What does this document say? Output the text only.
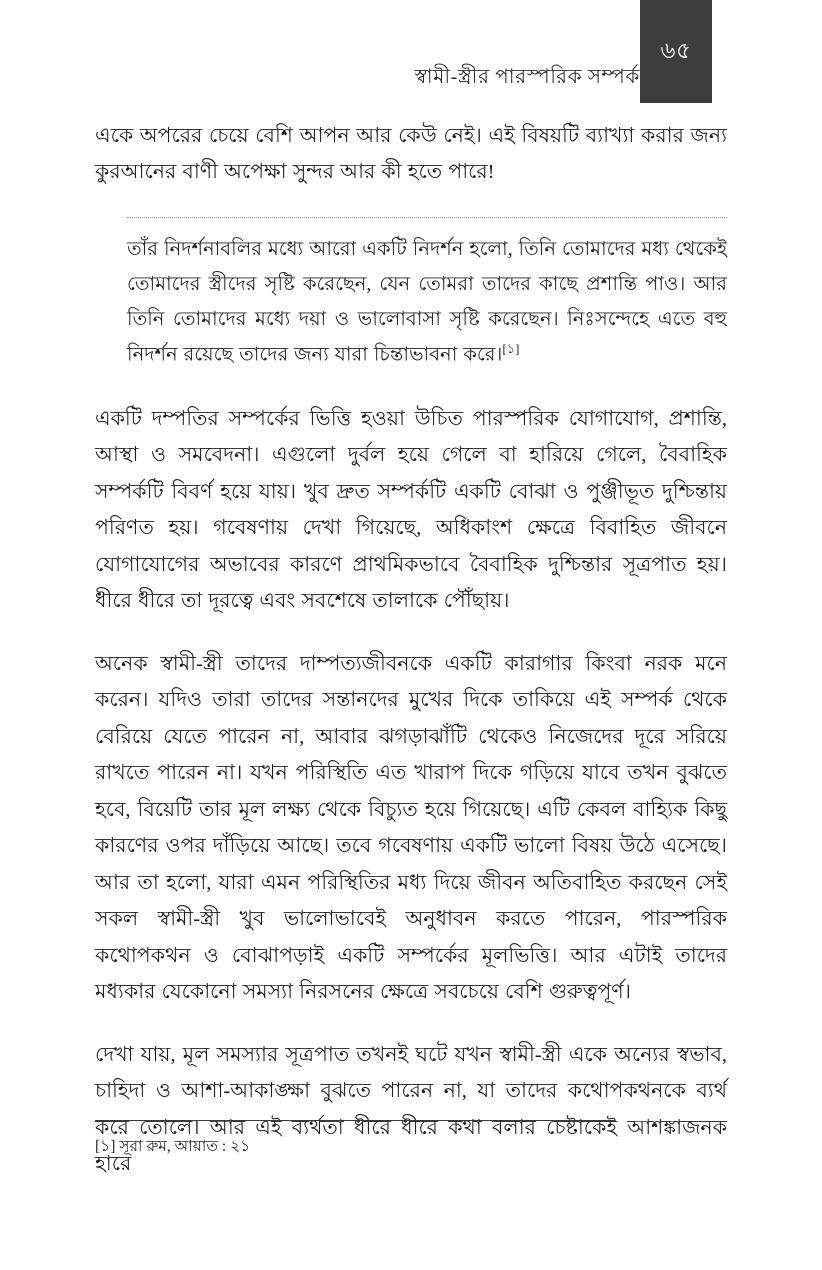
স্বামী-স্ত্রীর পারস্পরিক সম্পর্ক
৬৫

একে অপরের চেয়ে বেশি আপন আর কেউ নেই। এই বিষয়টি ব্যাখ্যা করার জন্য কুরআনের বাণী অপেক্ষা সুন্দর আর কী হতে পারে!

তাঁর নিদর্শনাবলির মধ্যে আরো একটি নিদর্শন হলো, তিনি তোমাদের মধ্য থেকেই তোমাদের স্ত্রীদের সৃষ্টি করেছেন, যেন তোমরা তাদের কাছে প্রশান্তি পাও। আর তিনি তোমাদের মধ্যে দয়া ও ভালোবাসা সৃষ্টি করেছেন। নিঃসন্দেহে এতে বহু নিদর্শন রয়েছে তাদের জন্য যারা চিন্তাভাবনা করে।[১]

একটি দম্পতির সম্পর্কের ভিত্তি হওয়া উচিত পারস্পরিক যোগাযোগ, প্রশান্তি, আস্থা ও সমবেদনা। এগুলো দুর্বল হয়ে গেলে বা হারিয়ে গেলে, বৈবাহিক সম্পর্কটি বিবর্ণ হয়ে যায়। খুব দ্রুত সম্পর্কটি একটি বোঝা ও পুঞ্জীভূত দুশ্চিন্তায় পরিণত হয়। গবেষণায় দেখা গিয়েছে, অধিকাংশ ক্ষেত্রে বিবাহিত জীবনে যোগাযোগের অভাবের কারণে প্রাথমিকভাবে বৈবাহিক দুশ্চিন্তার সূত্রপাত হয়। ধীরে ধীরে তা দূরত্বে এবং সবশেষে তালাকে পৌঁছায়।

অনেক স্বামী-স্ত্রী তাদের দাম্পত্যজীবনকে একটি কারাগার কিংবা নরক মনে করেন। যদিও তারা তাদের সন্তানদের মুখের দিকে তাকিয়ে এই সম্পর্ক থেকে বেরিয়ে যেতে পারেন না, আবার ঝগড়াঝাঁটি থেকেও নিজেদের দূরে সরিয়ে রাখতে পারেন না। যখন পরিস্থিতি এত খারাপ দিকে গড়িয়ে যাবে তখন বুঝতে হবে, বিয়েটি তার মূল লক্ষ্য থেকে বিচ্যুত হয়ে গিয়েছে। এটি কেবল বাহ্যিক কিছু কারণের ওপর দাঁড়িয়ে আছে। তবে গবেষণায় একটি ভালো বিষয় উঠে এসেছে। আর তা হলো, যারা এমন পরিস্থিতির মধ্য দিয়ে জীবন অতিবাহিত করছেন সেই সকল স্বামী-স্ত্রী খুব ভালোভাবেই অনুধাবন করতে পারেন, পারস্পরিক কথোপকথন ও বোঝাপড়াই একটি সম্পর্কের মূলভিত্তি। আর এটাই তাদের মধ্যকার যেকোনো সমস্যা নিরসনের ক্ষেত্রে সবচেয়ে বেশি গুরুত্বপূর্ণ।

দেখা যায়, মূল সমস্যার সূত্রপাত তখনই ঘটে যখন স্বামী-স্ত্রী একে অন্যের স্বভাব, চাহিদা ও আশা-আকাঙ্ক্ষা বুঝতে পারেন না, যা তাদের কথোপকথনকে ব্যর্থ করে তোলে। আর এই ব্যর্থতা ধীরে ধীরে কথা বলার চেষ্টাকেই আশঙ্কাজনক হারে

[১] সূরা রুম, আয়াত : ২১
